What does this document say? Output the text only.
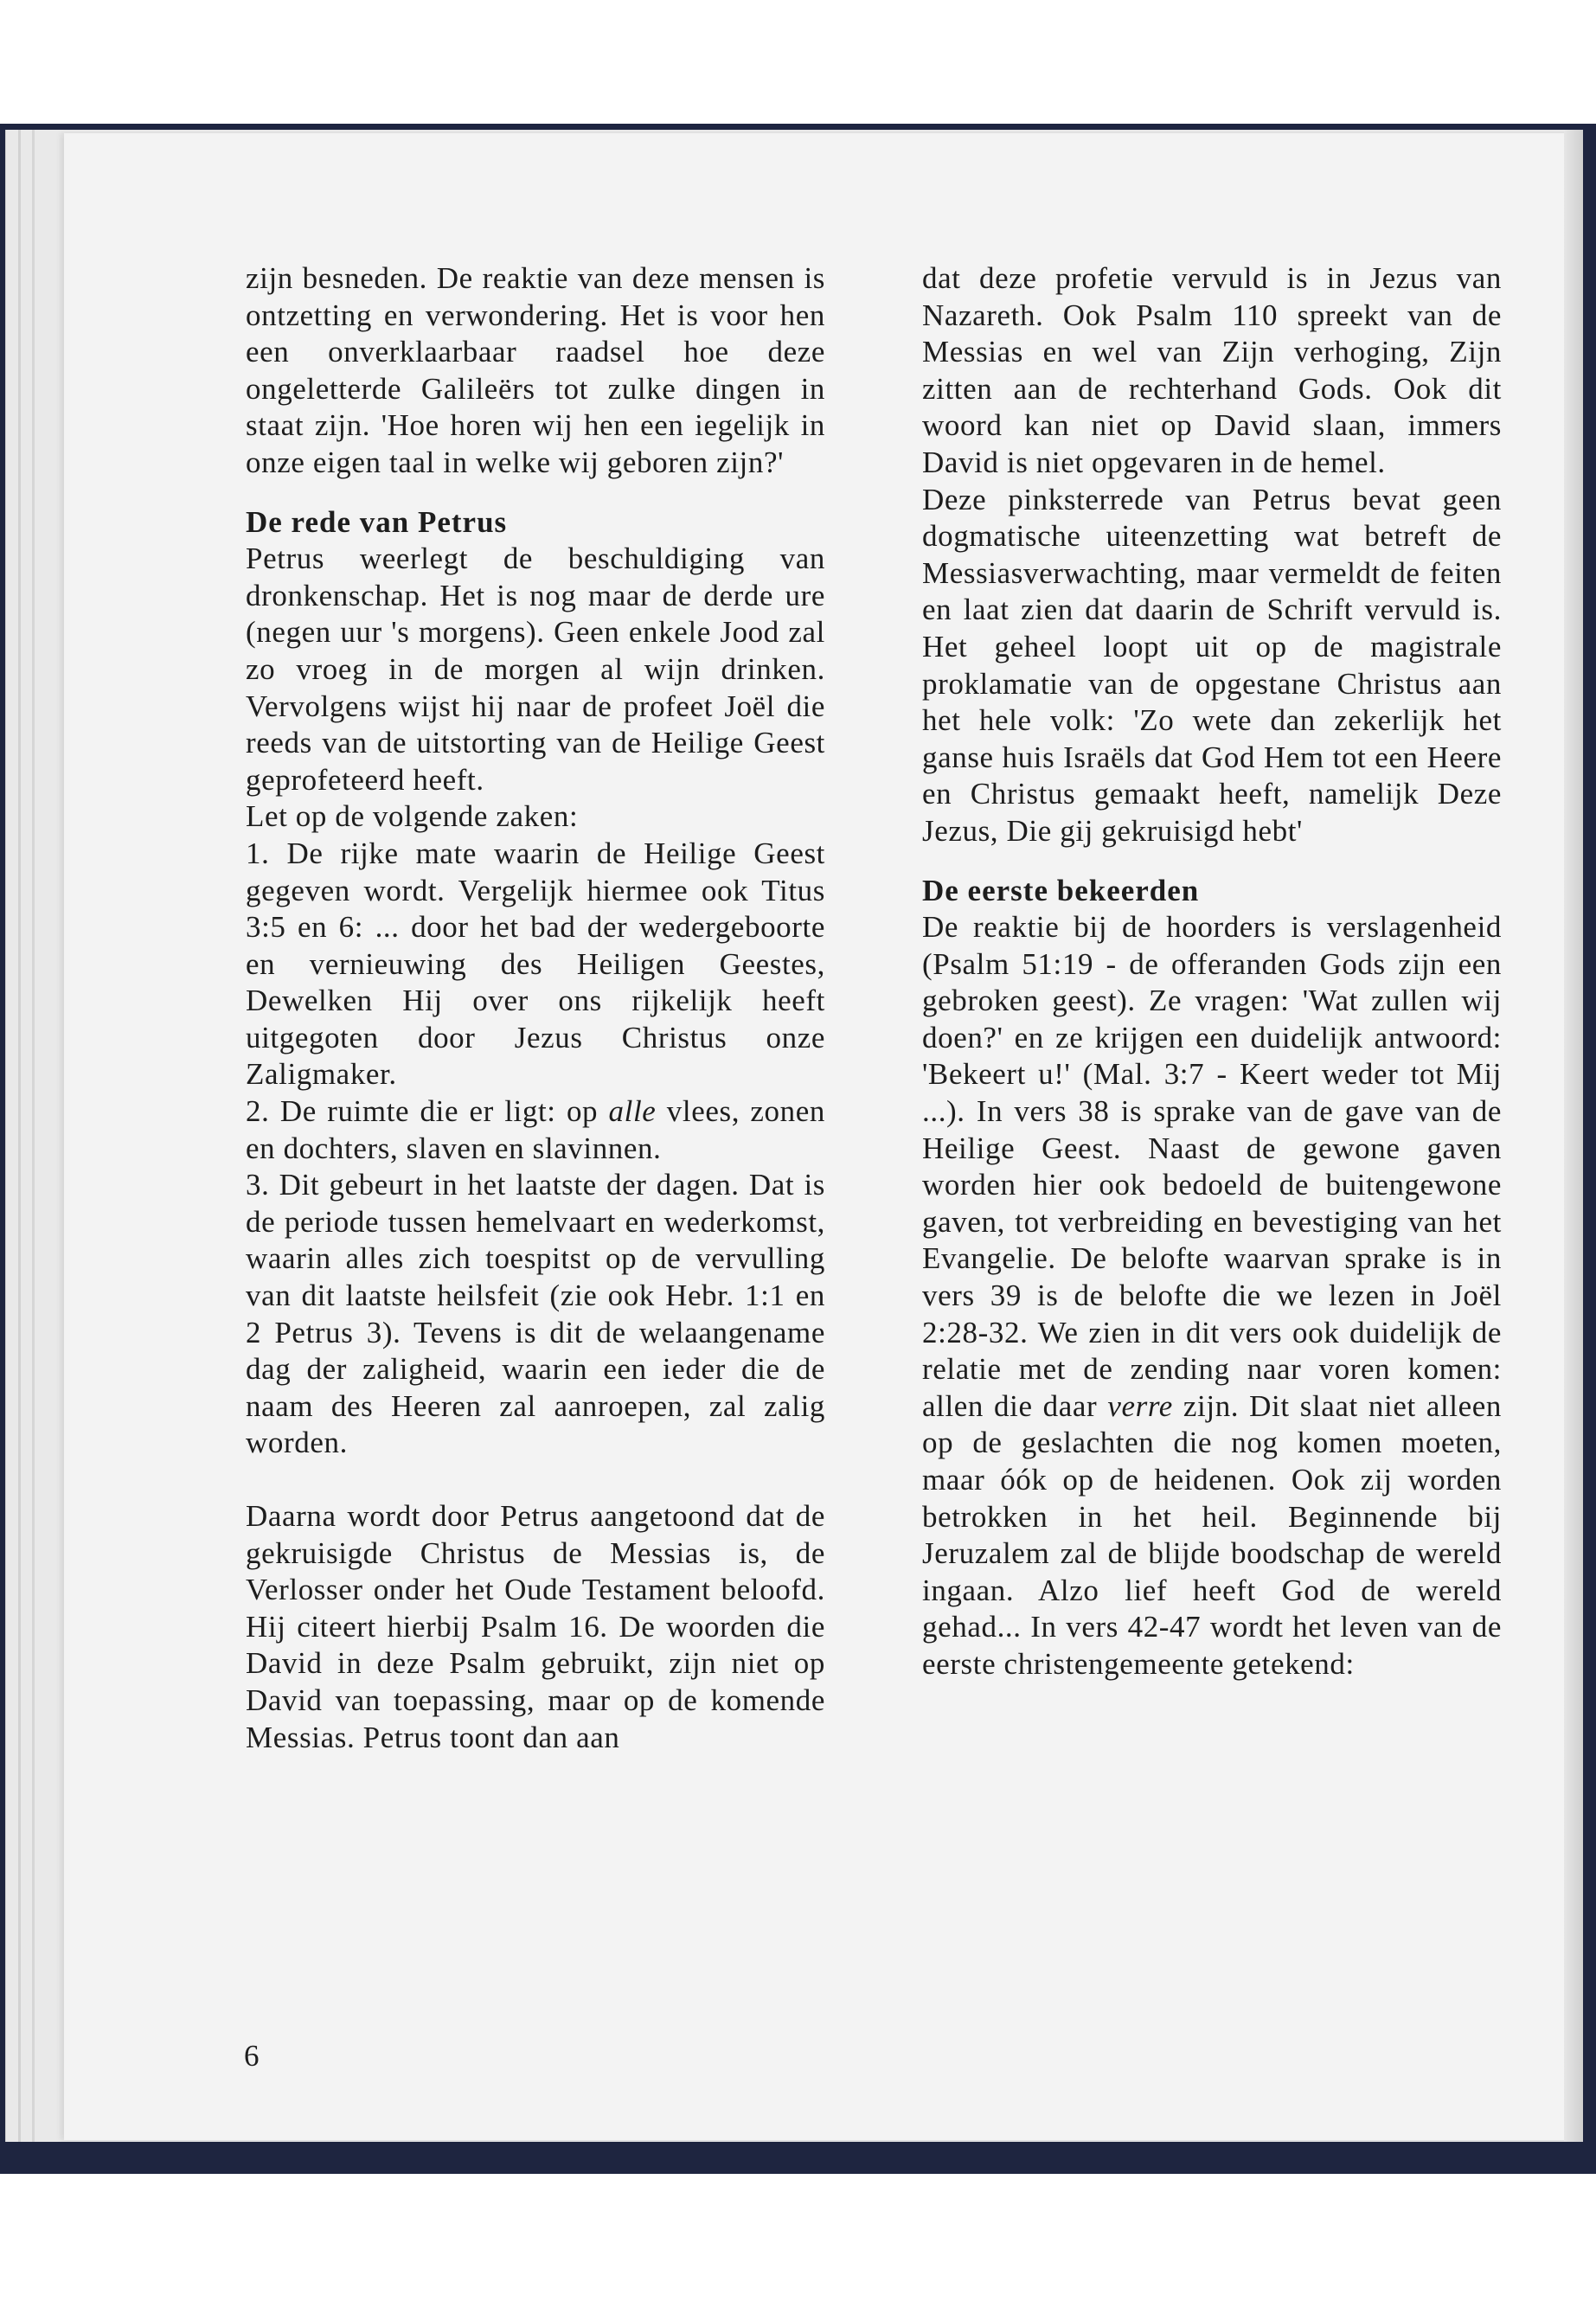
zijn besneden. De reaktie van deze mensen is ontzetting en verwondering. Het is voor hen een onverklaarbaar raadsel hoe deze ongeletterde Galileërs tot zulke dingen in staat zijn. 'Hoe horen wij hen een iegelijk in onze eigen taal in welke wij geboren zijn?'

De rede van Petrus

Petrus weerlegt de beschuldiging van dronkenschap. Het is nog maar de derde ure (negen uur 's morgens). Geen enkele Jood zal zo vroeg in de morgen al wijn drinken. Vervolgens wijst hij naar de profeet Joël die reeds van de uitstorting van de Heilige Geest geprofeteerd heeft.

Let op de volgende zaken:

1. De rijke mate waarin de Heilige Geest gegeven wordt. Vergelijk hiermee ook Titus 3:5 en 6: ... door het bad der wedergeboorte en vernieuwing des Heiligen Geestes, Dewelken Hij over ons rijkelijk heeft uitgegoten door Jezus Christus onze Zaligmaker.

2. De ruimte die er ligt: op alle vlees, zonen en dochters, slaven en slavinnen.

3. Dit gebeurt in het laatste der dagen. Dat is de periode tussen hemelvaart en wederkomst, waarin alles zich toespitst op de vervulling van dit laatste heilsfeit (zie ook Hebr. 1:1 en 2 Petrus 3). Tevens is dit de welaangename dag der zaligheid, waarin een ieder die de naam des Heeren zal aanroepen, zal zalig worden.

Daarna wordt door Petrus aangetoond dat de gekruisigde Christus de Messias is, de Verlosser onder het Oude Testament beloofd. Hij citeert hierbij Psalm 16. De woorden die David in deze Psalm gebruikt, zijn niet op David van toepassing, maar op de komende Messias. Petrus toont dan aan

dat deze profetie vervuld is in Jezus van Nazareth. Ook Psalm 110 spreekt van de Messias en wel van Zijn verhoging, Zijn zitten aan de rechterhand Gods. Ook dit woord kan niet op David slaan, immers David is niet opgevaren in de hemel.

Deze pinksterrede van Petrus bevat geen dogmatische uiteenzetting wat betreft de Messiasverwachting, maar vermeldt de feiten en laat zien dat daarin de Schrift vervuld is. Het geheel loopt uit op de magistrale proklamatie van de opgestane Christus aan het hele volk: 'Zo wete dan zekerlijk het ganse huis Israëls dat God Hem tot een Heere en Christus gemaakt heeft, namelijk Deze Jezus, Die gij gekruisigd hebt'

De eerste bekeerden

De reaktie bij de hoorders is verslagenheid (Psalm 51:19 - de offeranden Gods zijn een gebroken geest). Ze vragen: 'Wat zullen wij doen?' en ze krijgen een duidelijk antwoord: 'Bekeert u!' (Mal. 3:7 - Keert weder tot Mij ...). In vers 38 is sprake van de gave van de Heilige Geest. Naast de gewone gaven worden hier ook bedoeld de buitengewone gaven, tot verbreiding en bevestiging van het Evangelie. De belofte waarvan sprake is in vers 39 is de belofte die we lezen in Joël 2:28-32. We zien in dit vers ook duidelijk de relatie met de zending naar voren komen: allen die daar verre zijn. Dit slaat niet alleen op de geslachten die nog komen moeten, maar óók op de heidenen. Ook zij worden betrokken in het heil. Beginnende bij Jeruzalem zal de blijde boodschap de wereld ingaan. Alzo lief heeft God de wereld gehad... In vers 42-47 wordt het leven van de eerste christengemeente getekend:

6
